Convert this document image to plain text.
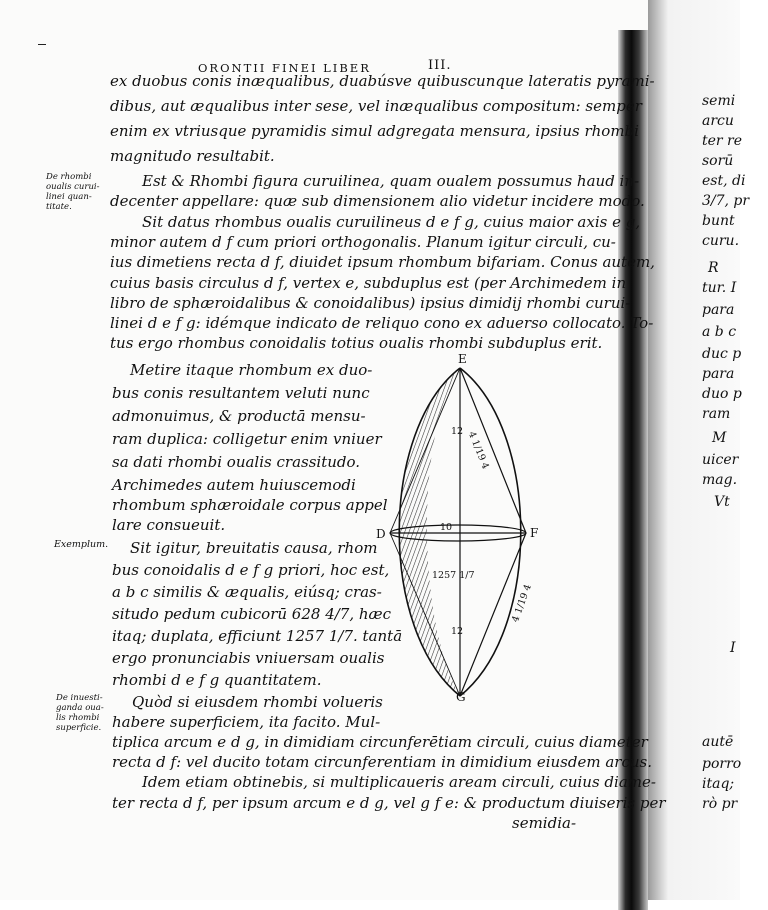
ORONTII FINEI LIBER	III.
ex duobus conis inæqualibus, duabúsve quibuscunque lateratis pyrami-
dibus, aut æqualibus inter sese, vel inæqualibus compositum: semper
enim ex vtriusque pyramidis simul adgregata mensura, ipsius rhombi
magnitudo resultabit.
Est & Rhombi figura curuilinea, quam oualem possumus haud in-
decenter appellare: quæ sub dimensionem alio videtur incidere modo.
Sit datus rhombus oualis curuilineus d e f g, cuius maior axis e g,
minor autem d f cum priori orthogonalis. Planum igitur circuli, cu-
ius dimetiens recta d f, diuidet ipsum rhombum bifariam. Conus autem,
cuius basis circulus d f, vertex e, subduplus est (per Archimedem in
libro de sphæroidalibus & conoidalibus) ipsius dimidij rhombi curui-
linei d e f g: idémque indicato de reliquo cono ex aduerso collocato. To-
tus ergo rhombus conoidalis totius oualis rhombi subduplus erit.
Metire itaque rhombum ex duo-
bus conis resultantem veluti nunc
admonuimus, & productā mensu-
ram duplica: colligetur enim vniuer
sa dati rhombi oualis crassitudo.
Archimedes autem huiuscemodi
rhombum sphæroidale corpus appel
lare consueuit.
Sit igitur, breuitatis causa, rhom
bus conoidalis d e f g priori, hoc est,
a b c similis & æqualis, eiúsq; cras-
situdo pedum cubicorū 628 4/7, hæc
itaq; duplata, efficiunt 1257 1/7. tantā
ergo pronunciabis vniuersam oualis
rhombi d e f g quantitatem.
Quòd si eiusdem rhombi volueris
habere superficiem, ita facito. Mul-
tiplica arcum e d g, in dimidiam circunferētiam circuli, cuius diameter
recta d f: vel ducito totam circunferentiam in dimidium eiusdem arcus.
Idem etiam obtinebis, si multiplicaueris aream circuli, cuius diame-
ter recta d f, per ipsum arcum e d g, vel g f e: & productum diuiseris per
semidia-
De rhombi
oualis curui-
linei quan-
titate.
Exemplum.
De inuesti-
ganda oua-
lis rhombi
superficie.
E
F
D
G
12
12
10
1257 1/7
4 1/19 4
4 1/19 4
semi
arcu
ter re
sorū
est, di
3/7, pr
bunt
curu.
R
tur. I
para
a b c
duc p
para
duo p
ram
M
uicer
mag.
Vt
I
autē
porro
itaq;
rò pr
